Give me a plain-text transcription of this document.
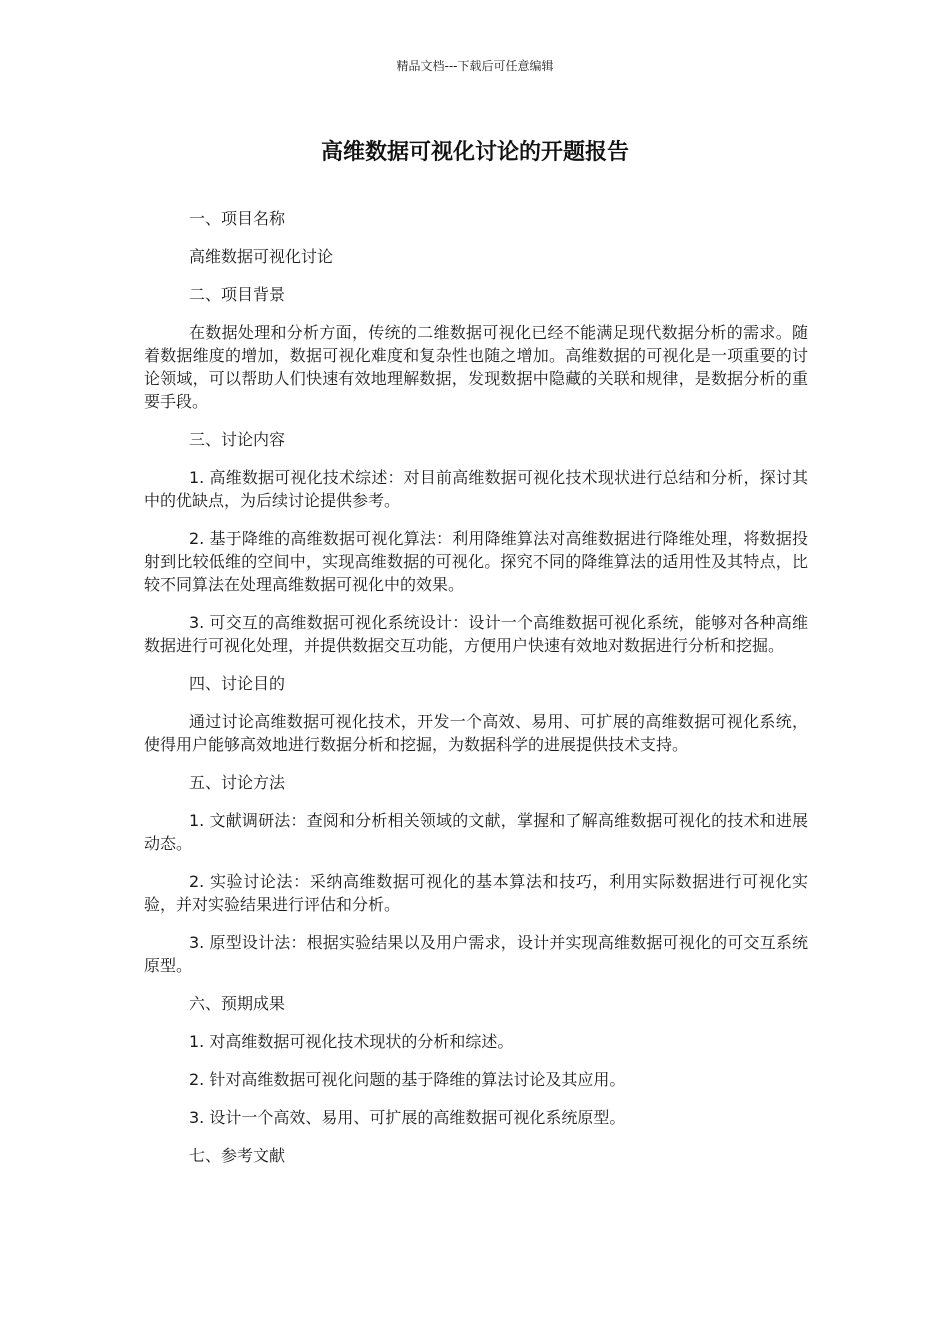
精品文档---下载后可任意编辑
高维数据可视化讨论的开题报告

一、项目名称

高维数据可视化讨论

二、项目背景

在数据处理和分析方面，传统的二维数据可视化已经不能满足现代数据分析的需求。随着数据维度的增加，数据可视化难度和复杂性也随之增加。高维数据的可视化是一项重要的讨论领域，可以帮助人们快速有效地理解数据，发现数据中隐藏的关联和规律，是数据分析的重要手段。

三、讨论内容

1. 高维数据可视化技术综述：对目前高维数据可视化技术现状进行总结和分析，探讨其中的优缺点，为后续讨论提供参考。

2. 基于降维的高维数据可视化算法：利用降维算法对高维数据进行降维处理，将数据投射到比较低维的空间中，实现高维数据的可视化。探究不同的降维算法的适用性及其特点，比较不同算法在处理高维数据可视化中的效果。

3. 可交互的高维数据可视化系统设计：设计一个高维数据可视化系统，能够对各种高维数据进行可视化处理，并提供数据交互功能，方便用户快速有效地对数据进行分析和挖掘。

四、讨论目的

通过讨论高维数据可视化技术，开发一个高效、易用、可扩展的高维数据可视化系统，使得用户能够高效地进行数据分析和挖掘，为数据科学的进展提供技术支持。

五、讨论方法

1. 文献调研法：查阅和分析相关领域的文献，掌握和了解高维数据可视化的技术和进展动态。

2. 实验讨论法：采纳高维数据可视化的基本算法和技巧，利用实际数据进行可视化实验，并对实验结果进行评估和分析。

3. 原型设计法：根据实验结果以及用户需求，设计并实现高维数据可视化的可交互系统原型。

六、预期成果

1. 对高维数据可视化技术现状的分析和综述。

2. 针对高维数据可视化问题的基于降维的算法讨论及其应用。

3. 设计一个高效、易用、可扩展的高维数据可视化系统原型。

七、参考文献
